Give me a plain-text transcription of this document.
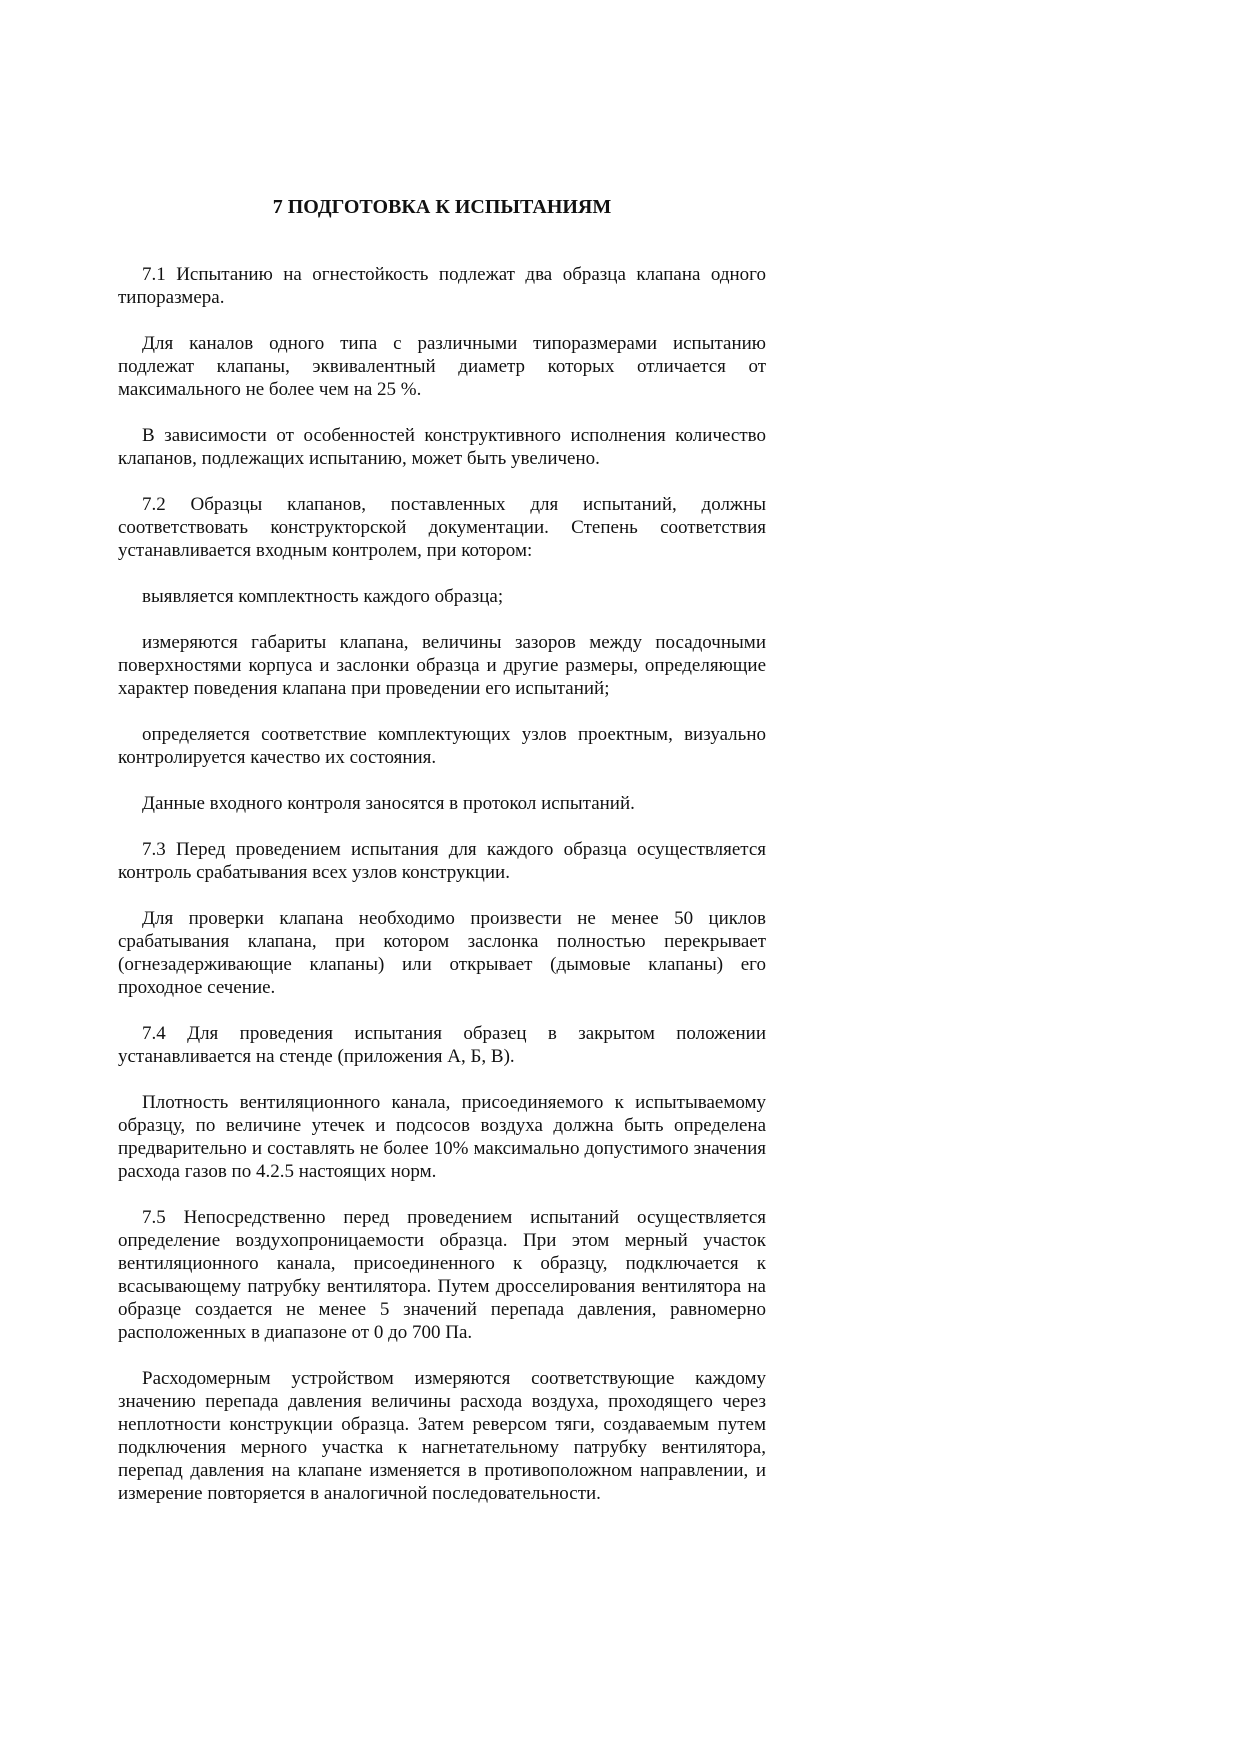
7 ПОДГОТОВКА К ИСПЫТАНИЯМ

7.1 Испытанию на огнестойкость подлежат два образца клапана одного типоразмера.

Для каналов одного типа с различными типоразмерами испытанию подлежат клапаны, эквивалентный диаметр которых отличается от максимального не более чем на 25 %.

В зависимости от особенностей конструктивного исполнения количество клапанов, подлежащих испытанию, может быть увеличено.

7.2 Образцы клапанов, поставленных для испытаний, должны соответствовать конструкторской документации. Степень соответствия устанавливается входным контролем, при котором:

выявляется комплектность каждого образца;

измеряются габариты клапана, величины зазоров между посадочными поверхностями корпуса и заслонки образца и другие размеры, определяющие характер поведения клапана при проведении его испытаний;

определяется соответствие комплектующих узлов проектным, визуально контролируется качество их состояния.

Данные входного контроля заносятся в протокол испытаний.

7.3 Перед проведением испытания для каждого образца осуществляется контроль срабатывания всех узлов конструкции.

Для проверки клапана необходимо произвести не менее 50 циклов срабатывания клапана, при котором заслонка полностью перекрывает (огнезадерживающие клапаны) или открывает (дымовые клапаны) его проходное сечение.

7.4 Для проведения испытания образец в закрытом положении устанавливается на стенде (приложения А, Б, В).

Плотность вентиляционного канала, присоединяемого к испытываемому образцу, по величине утечек и подсосов воздуха должна быть определена предварительно и составлять не более 10% максимально допустимого значения расхода газов по 4.2.5 настоящих норм.

7.5 Непосредственно перед проведением испытаний осуществляется определение воздухопроницаемости образца. При этом мерный участок вентиляционного канала, присоединенного к образцу, подключается к всасывающему патрубку вентилятора. Путем дросселирования вентилятора на образце создается не менее 5 значений перепада давления, равномерно расположенных в диапазоне от 0 до 700 Па.

Расходомерным устройством измеряются соответствующие каждому значению перепада давления величины расхода воздуха, проходящего через неплотности конструкции образца. Затем реверсом тяги, создаваемым путем подключения мерного участка к нагнетательному патрубку вентилятора, перепад давления на клапане изменяется в противоположном направлении, и измерение повторяется в аналогичной последовательности.
